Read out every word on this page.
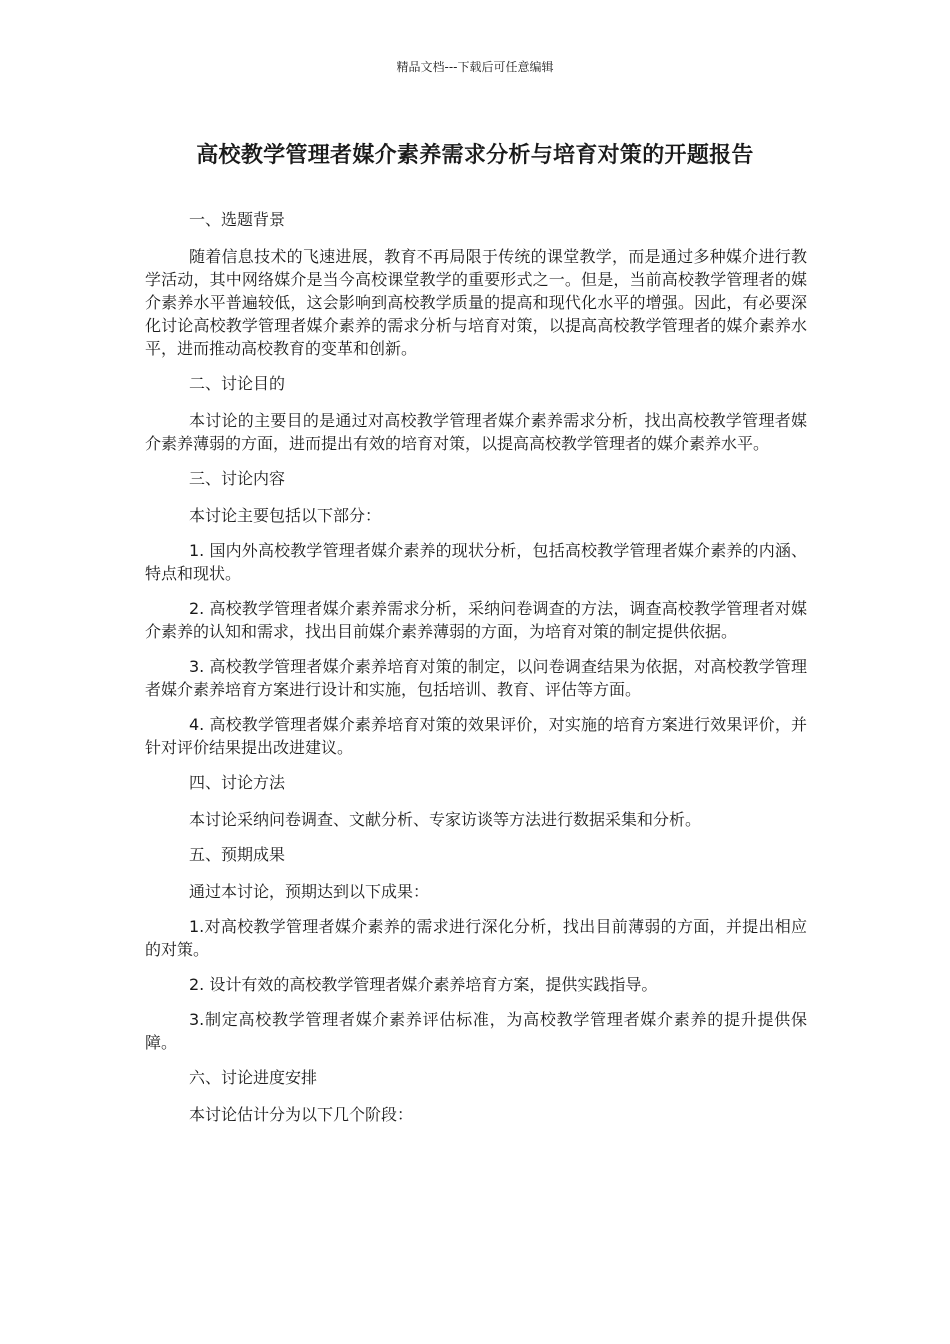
精品文档---下载后可任意编辑

高校教学管理者媒介素养需求分析与培育对策的开题报告

一、选题背景

随着信息技术的飞速进展，教育不再局限于传统的课堂教学，而是通过多种媒介进行教学活动，其中网络媒介是当今高校课堂教学的重要形式之一。但是，当前高校教学管理者的媒介素养水平普遍较低，这会影响到高校教学质量的提高和现代化水平的增强。因此，有必要深化讨论高校教学管理者媒介素养的需求分析与培育对策，以提高高校教学管理者的媒介素养水平，进而推动高校教育的变革和创新。

二、讨论目的

本讨论的主要目的是通过对高校教学管理者媒介素养需求分析，找出高校教学管理者媒介素养薄弱的方面，进而提出有效的培育对策，以提高高校教学管理者的媒介素养水平。

三、讨论内容

本讨论主要包括以下部分：

1. 国内外高校教学管理者媒介素养的现状分析，包括高校教学管理者媒介素养的内涵、特点和现状。

2. 高校教学管理者媒介素养需求分析，采纳问卷调查的方法，调查高校教学管理者对媒介素养的认知和需求，找出目前媒介素养薄弱的方面，为培育对策的制定提供依据。

3. 高校教学管理者媒介素养培育对策的制定，以问卷调查结果为依据，对高校教学管理者媒介素养培育方案进行设计和实施，包括培训、教育、评估等方面。

4. 高校教学管理者媒介素养培育对策的效果评价，对实施的培育方案进行效果评价，并针对评价结果提出改进建议。

四、讨论方法

本讨论采纳问卷调查、文献分析、专家访谈等方法进行数据采集和分析。

五、预期成果

通过本讨论，预期达到以下成果：

1.对高校教学管理者媒介素养的需求进行深化分析，找出目前薄弱的方面，并提出相应的对策。

2. 设计有效的高校教学管理者媒介素养培育方案，提供实践指导。

3.制定高校教学管理者媒介素养评估标准，为高校教学管理者媒介素养的提升提供保障。

六、讨论进度安排

本讨论估计分为以下几个阶段：
